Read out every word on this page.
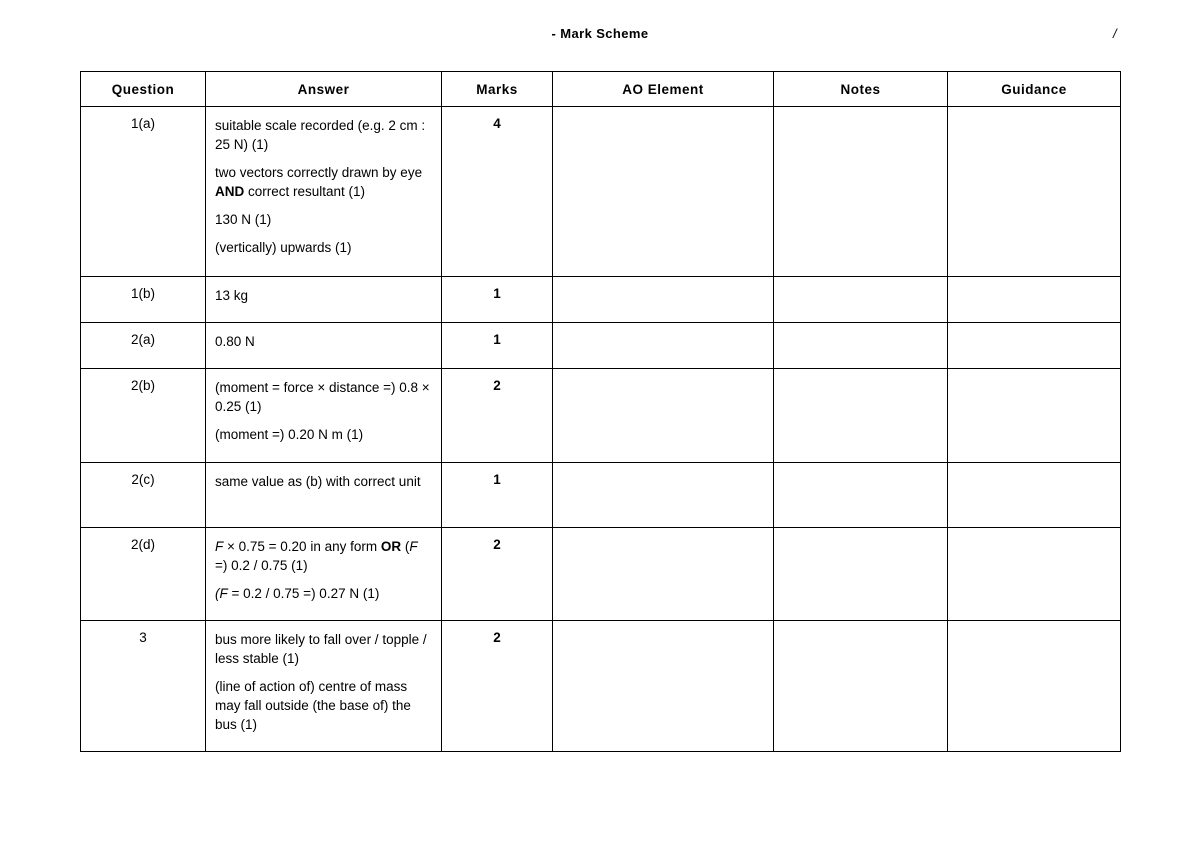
- Mark Scheme	/
Question	Answer	Marks	AO Element	Notes	Guidance
1(a)	suitable scale recorded (e.g. 2 cm : 25 N) (1)
two vectors correctly drawn by eye AND correct resultant (1)
130 N (1)
(vertically) upwards (1)	4			
1(b)	13 kg	1			
2(a)	0.80 N	1			
2(b)	(moment = force × distance =) 0.8 × 0.25 (1)
(moment =) 0.20 N m (1)	2			
2(c)	same value as (b) with correct unit	1			
2(d)	F × 0.75 = 0.20 in any form OR (F =) 0.2 / 0.75 (1)
(F = 0.2 / 0.75 =) 0.27 N (1)	2			
3	bus more likely to fall over / topple / less stable (1)
(line of action of) centre of mass may fall outside (the base of) the bus (1)	2			
